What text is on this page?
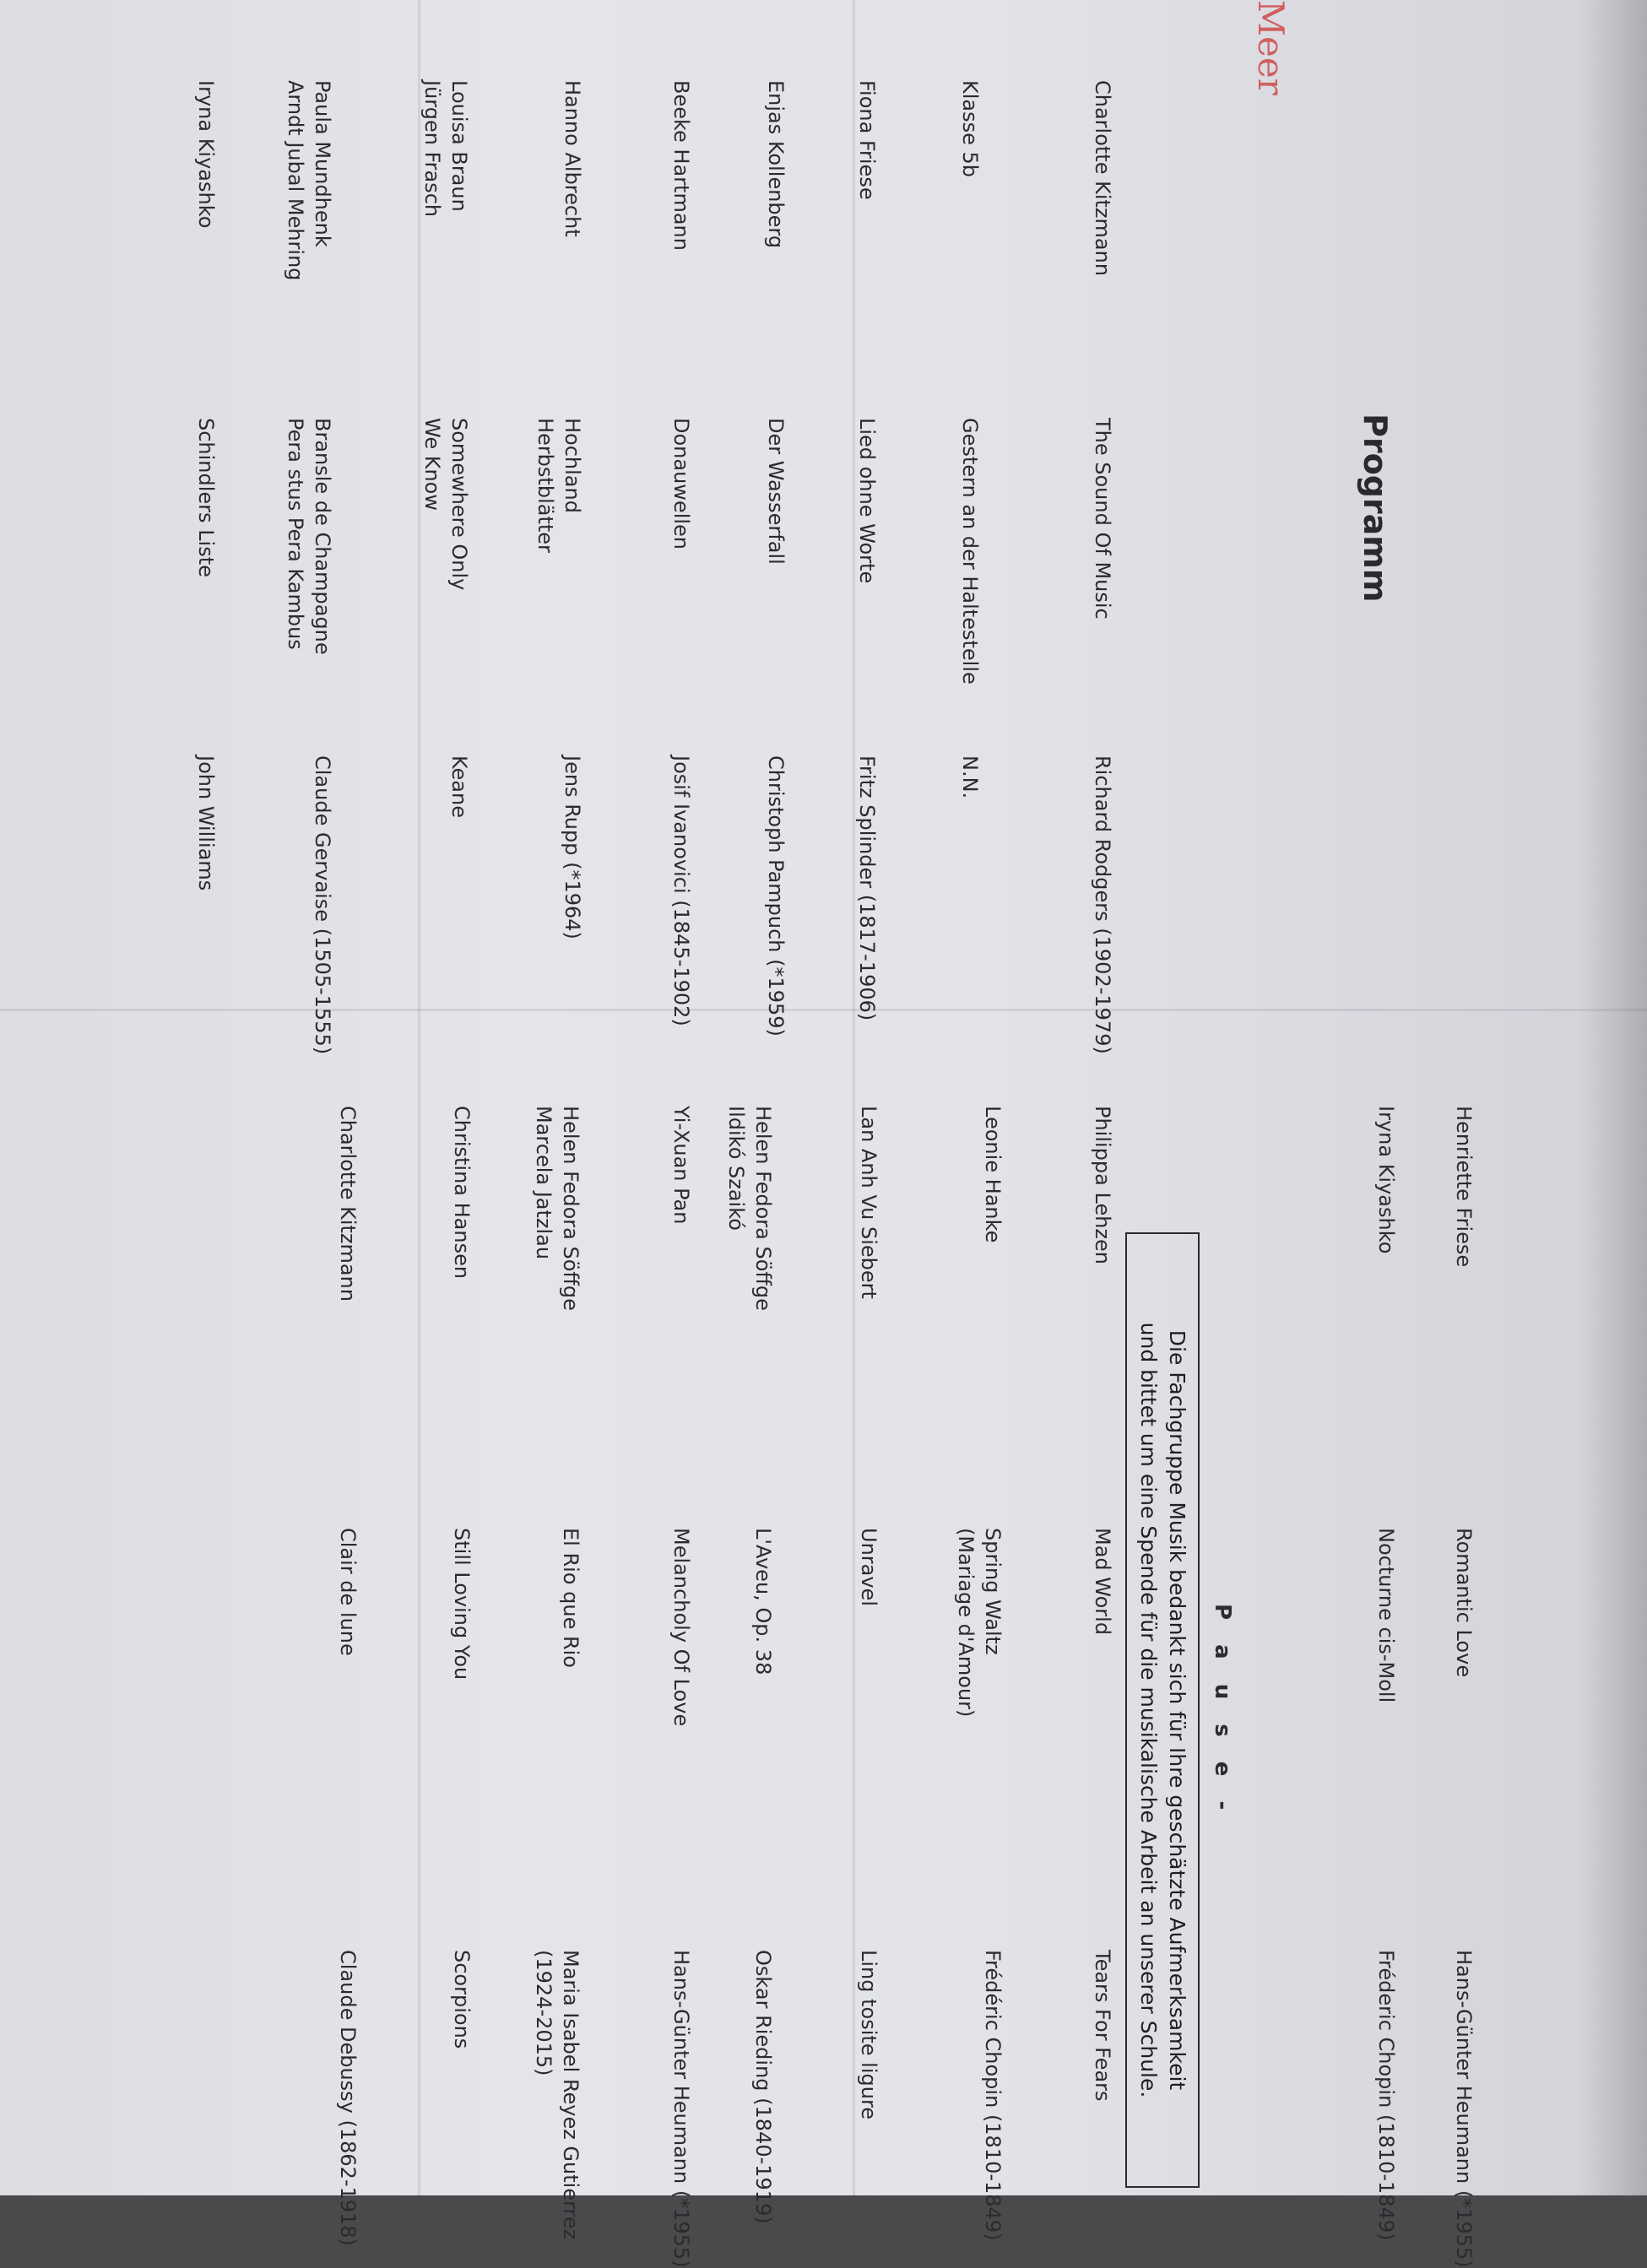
Meer
Programm
Charlotte Kitzmann
The Sound Of Music
Richard Rodgers (1902-1979)
Klasse 5b
Gestern an der Haltestelle
N.N.
Fiona Friese
Lied ohne Worte
Fritz Splinder (1817-1906)
Enjas Kollenberg
Der Wasserfall
Christoph Pampuch (*1959)
Beeke Hartmann
Donauwellen
Josif Ivanovici (1845-1902)
Hanno Albrecht
Hochland
Herbstblätter
Jens Rupp (*1964)
Louisa Braun
Jürgen Frasch
Somewhere Only
We Know
Keane
Paula Mundhenk
Arndt Jubal Mehring
Bransle de Champagne
Pera stus Pera Kambus
Claude Gervaise (1505-1555)
Iryna Kiyashko
Schindlers Liste
John Williams
Henriette Friese
Romantic Love
Hans-Günter Heumann (*1955)
Iryna Kiyashko
Nocturne cis-Moll
Fréderic Chopin (1810-1849)
P a u s e -
Philippa Lehzen
Mad World
Tears For Fears
Leonie Hanke
Spring Waltz
(Mariage d'Amour)
Frédéric Chopin (1810-1849)
Lan Anh Vu Siebert
Unravel
Ling tosite ligure
Helen Fedora Söffge
Ildikó Szaikó
L'Aveu, Op. 38
Oskar Rieding (1840-1919)
Yi-Xuan Pan
Melancholy Of Love
Hans-Günter Heumann (*1955)
Helen Fedora Söffge
Marcela Jatzlau
El Rio que Rio
Maria Isabel Reyez Gutierrez
(1924-2015)
Christina Hansen
Still Loving You
Scorpions
Charlotte Kitzmann
Clair de lune
Claude Debussy (1862-1918)
Die Fachgruppe Musik bedankt sich für Ihre geschätzte Aufmerksamkeit
und bittet um eine Spende für die musikalische Arbeit an unserer Schule.
